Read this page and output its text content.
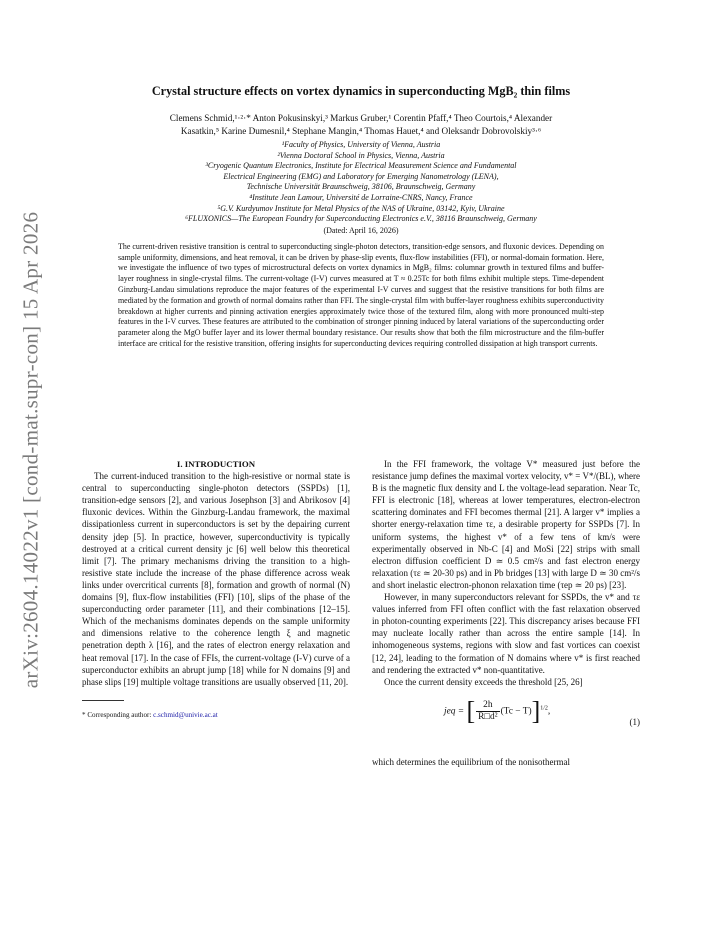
arXiv:2604.14022v1 [cond-mat.supr-con] 15 Apr 2026
Crystal structure effects on vortex dynamics in superconducting MgB₂ thin films
Clemens Schmid,¹·²·* Anton Pokusinskyi,³ Markus Gruber,¹ Corentin Pfaff,⁴ Theo Courtois,⁴ Alexander
Kasatkin,⁵ Karine Dumesnil,⁴ Stephane Mangin,⁴ Thomas Hauet,⁴ and Oleksandr Dobrovolskiy³·⁶
¹Faculty of Physics, University of Vienna, Austria
²Vienna Doctoral School in Physics, Vienna, Austria
³Cryogenic Quantum Electronics, Institute for Electrical Measurement Science and Fundamental
Electrical Engineering (EMG) and Laboratory for Emerging Nanometrology (LENA),
Technische Universität Braunschweig, 38106, Braunschweig, Germany
⁴Institute Jean Lamour, Université de Lorraine-CNRS, Nancy, France
⁵G.V. Kurdyumov Institute for Metal Physics of the NAS of Ukraine, 03142, Kyiv, Ukraine
⁶FLUXONICS—The European Foundry for Superconducting Electronics e.V., 38116 Braunschweig, Germany
(Dated: April 16, 2026)
The current-driven resistive transition is central to superconducting single-photon detectors, transition-edge sensors, and fluxonic devices. Depending on sample uniformity, dimensions, and heat removal, it can be driven by phase-slip events, flux-flow instabilities (FFI), or normal-domain formation. Here, we investigate the influence of two types of microstructural defects on vortex dynamics in MgB₂ films: columnar growth in textured films and buffer-layer roughness in single-crystal films. The current-voltage (I-V) curves measured at T ≈ 0.25Tc for both films exhibit multiple steps. Time-dependent Ginzburg-Landau simulations reproduce the major features of the experimental I-V curves and suggest that the resistive transitions for both films are mediated by the formation and growth of normal domains rather than FFI. The single-crystal film with buffer-layer roughness exhibits superconductivity breakdown at higher currents and pinning activation energies approximately twice those of the textured film, along with more pronounced multi-step features in the I-V curves. These features are attributed to the combination of stronger pinning induced by lateral variations of the superconducting order parameter along the MgO buffer layer and its lower thermal boundary resistance. Our results show that both the film microstructure and the film-buffer interface are critical for the resistive transition, offering insights for superconducting devices requiring controlled dissipation at high transport currents.

I. INTRODUCTION

The current-induced transition to the high-resistive or normal state is central to superconducting single-photon detectors (SSPDs) [1], transition-edge sensors [2], and various Josephson [3] and Abrikosov [4] fluxonic devices. Within the Ginzburg-Landau framework, the maximal dissipationless current in superconductors is set by the depairing current density jdep [5]. In practice, however, superconductivity is typically destroyed at a critical current density jc [6] well below this theoretical limit [7]. The primary mechanisms driving the transition to a high-resistive state include the increase of the phase difference across weak links under overcritical currents [8], formation and growth of normal (N) domains [9], flux-flow instabilities (FFI) [10], slips of the phase of the superconducting order parameter [11], and their combinations [12–15]. Which of the mechanisms dominates depends on the sample uniformity and dimensions relative to the coherence length ξ and magnetic penetration depth λ [16], and the rates of electron energy relaxation and heat removal [17]. In the case of FFIs, the current-voltage (I-V) curve of a superconductor exhibits an abrupt jump [18] while for N domains [9] and phase slips [19] multiple voltage transitions are usually observed [11, 20].

* Corresponding author: c.schmid@univie.ac.at

In the FFI framework, the voltage V* measured just before the resistance jump defines the maximal vortex velocity, v* = V*/(BL), where B is the magnetic flux density and L the voltage-lead separation. Near Tc, FFI is electronic [18], whereas at lower temperatures, electron-electron scattering dominates and FFI becomes thermal [21]. A larger v* implies a shorter energy-relaxation time τε, a desirable property for SSPDs [7]. In uniform systems, the highest v* of a few tens of km/s were experimentally observed in Nb-C [4] and MoSi [22] strips with small electron diffusion coefficient D ≃ 0.5 cm²/s and fast electron energy relaxation (τε ≃ 20-30 ps) and in Pb bridges [13] with large D ≃ 30 cm²/s and short inelastic electron-phonon relaxation time (τep ≃ 20 ps) [23].

However, in many superconductors relevant for SSPDs, the v* and τε values inferred from FFI often conflict with the fast relaxation observed in photon-counting experiments [22]. This discrepancy arises because FFI may nucleate locally rather than across the entire sample [14]. In inhomogeneous systems, regions with slow and fast vortices can coexist [12, 24], leading to the formation of N domains where v* is first reached and rendering the extracted v* non-quantitative.

Once the current density exceeds the threshold [25, 26]

jeq = [ $\frac{2h}{\text{R□d²}} (Tc - T)]^{1/2}$,
(1)

which determines the equilibrium of the nonisothermal
